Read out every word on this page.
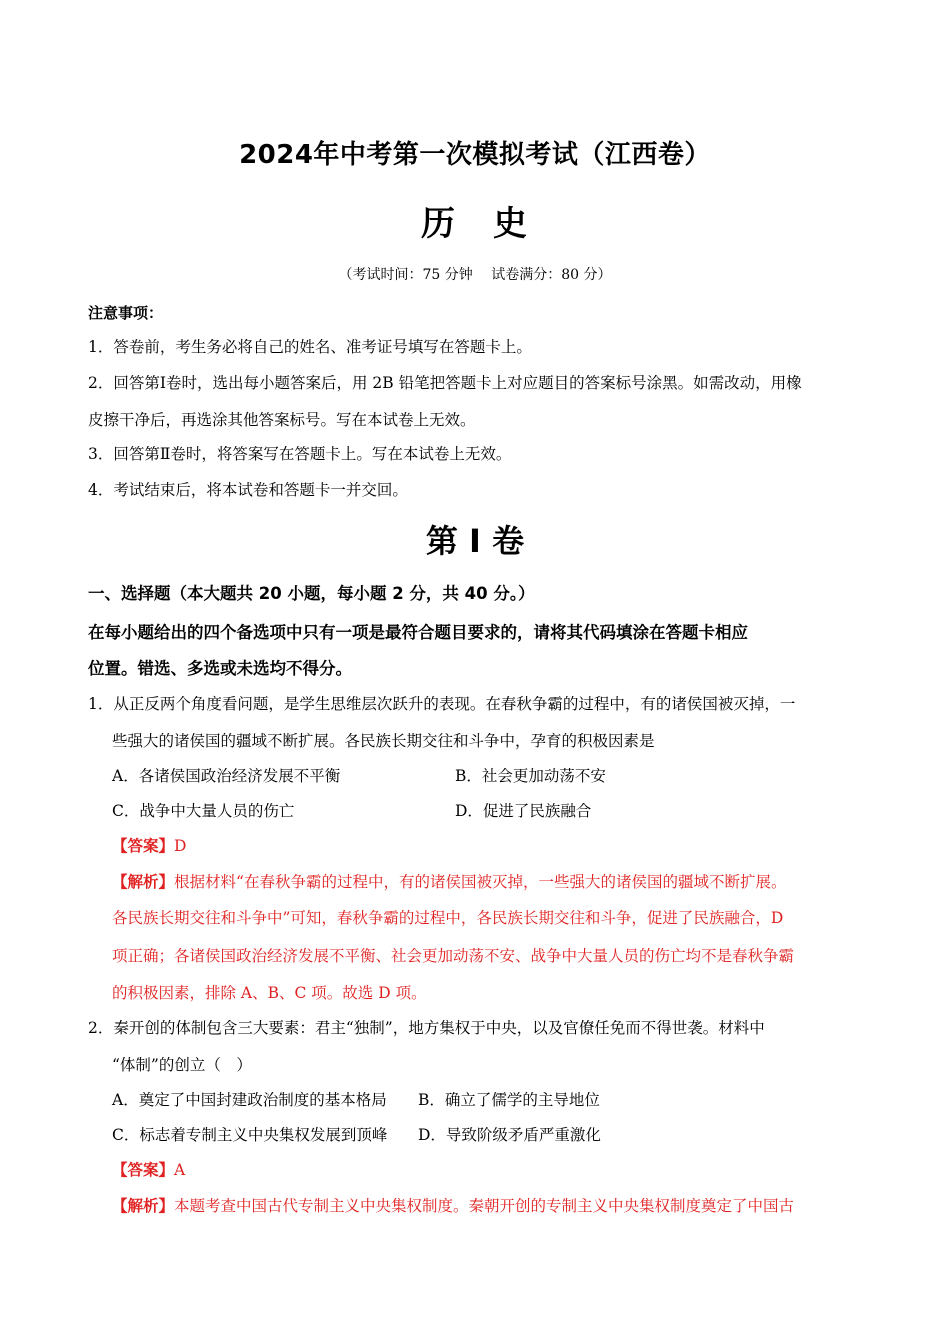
2024年中考第一次模拟考试（江西卷）
历　史
（考试时间：75 分钟　 试卷满分：80 分）
注意事项：
1．答卷前，考生务必将自己的姓名、准考证号填写在答题卡上。
2．回答第Ⅰ卷时，选出每小题答案后，用 2B 铅笔把答题卡上对应题目的答案标号涂黑。如需改动，用橡
皮擦干净后，再选涂其他答案标号。写在本试卷上无效。
3．回答第Ⅱ卷时，将答案写在答题卡上。写在本试卷上无效。
4．考试结束后，将本试卷和答题卡一并交回。
第 I 卷
一、选择题（本大题共 20 小题，每小题 2 分，共 40 分。）
在每小题给出的四个备选项中只有一项是最符合题目要求的，请将其代码填涂在答题卡相应
位置。错选、多选或未选均不得分。
1．从正反两个角度看问题，是学生思维层次跃升的表现。在春秋争霸的过程中，有的诸侯国被灭掉，一
些强大的诸侯国的疆域不断扩展。各民族长期交往和斗争中，孕育的积极因素是
A．各诸侯国政治经济发展不平衡	B．社会更加动荡不安
C．战争中大量人员的伤亡	D．促进了民族融合
【答案】D
【解析】根据材料“在春秋争霸的过程中，有的诸侯国被灭掉，一些强大的诸侯国的疆域不断扩展。
各民族长期交往和斗争中”可知，春秋争霸的过程中，各民族长期交往和斗争，促进了民族融合，D
项正确；各诸侯国政治经济发展不平衡、社会更加动荡不安、战争中大量人员的伤亡均不是春秋争霸
的积极因素，排除 A、B、C 项。故选 D 项。
2．秦开创的体制包含三大要素：君主“独制”，地方集权于中央，以及官僚任免而不得世袭。材料中
“体制”的创立（　）
A．奠定了中国封建政治制度的基本格局 B．确立了儒学的主导地位
C．标志着专制主义中央集权发展到顶峰 D．导致阶级矛盾严重激化
【答案】A
【解析】本题考查中国古代专制主义中央集权制度。秦朝开创的专制主义中央集权制度奠定了中国古
